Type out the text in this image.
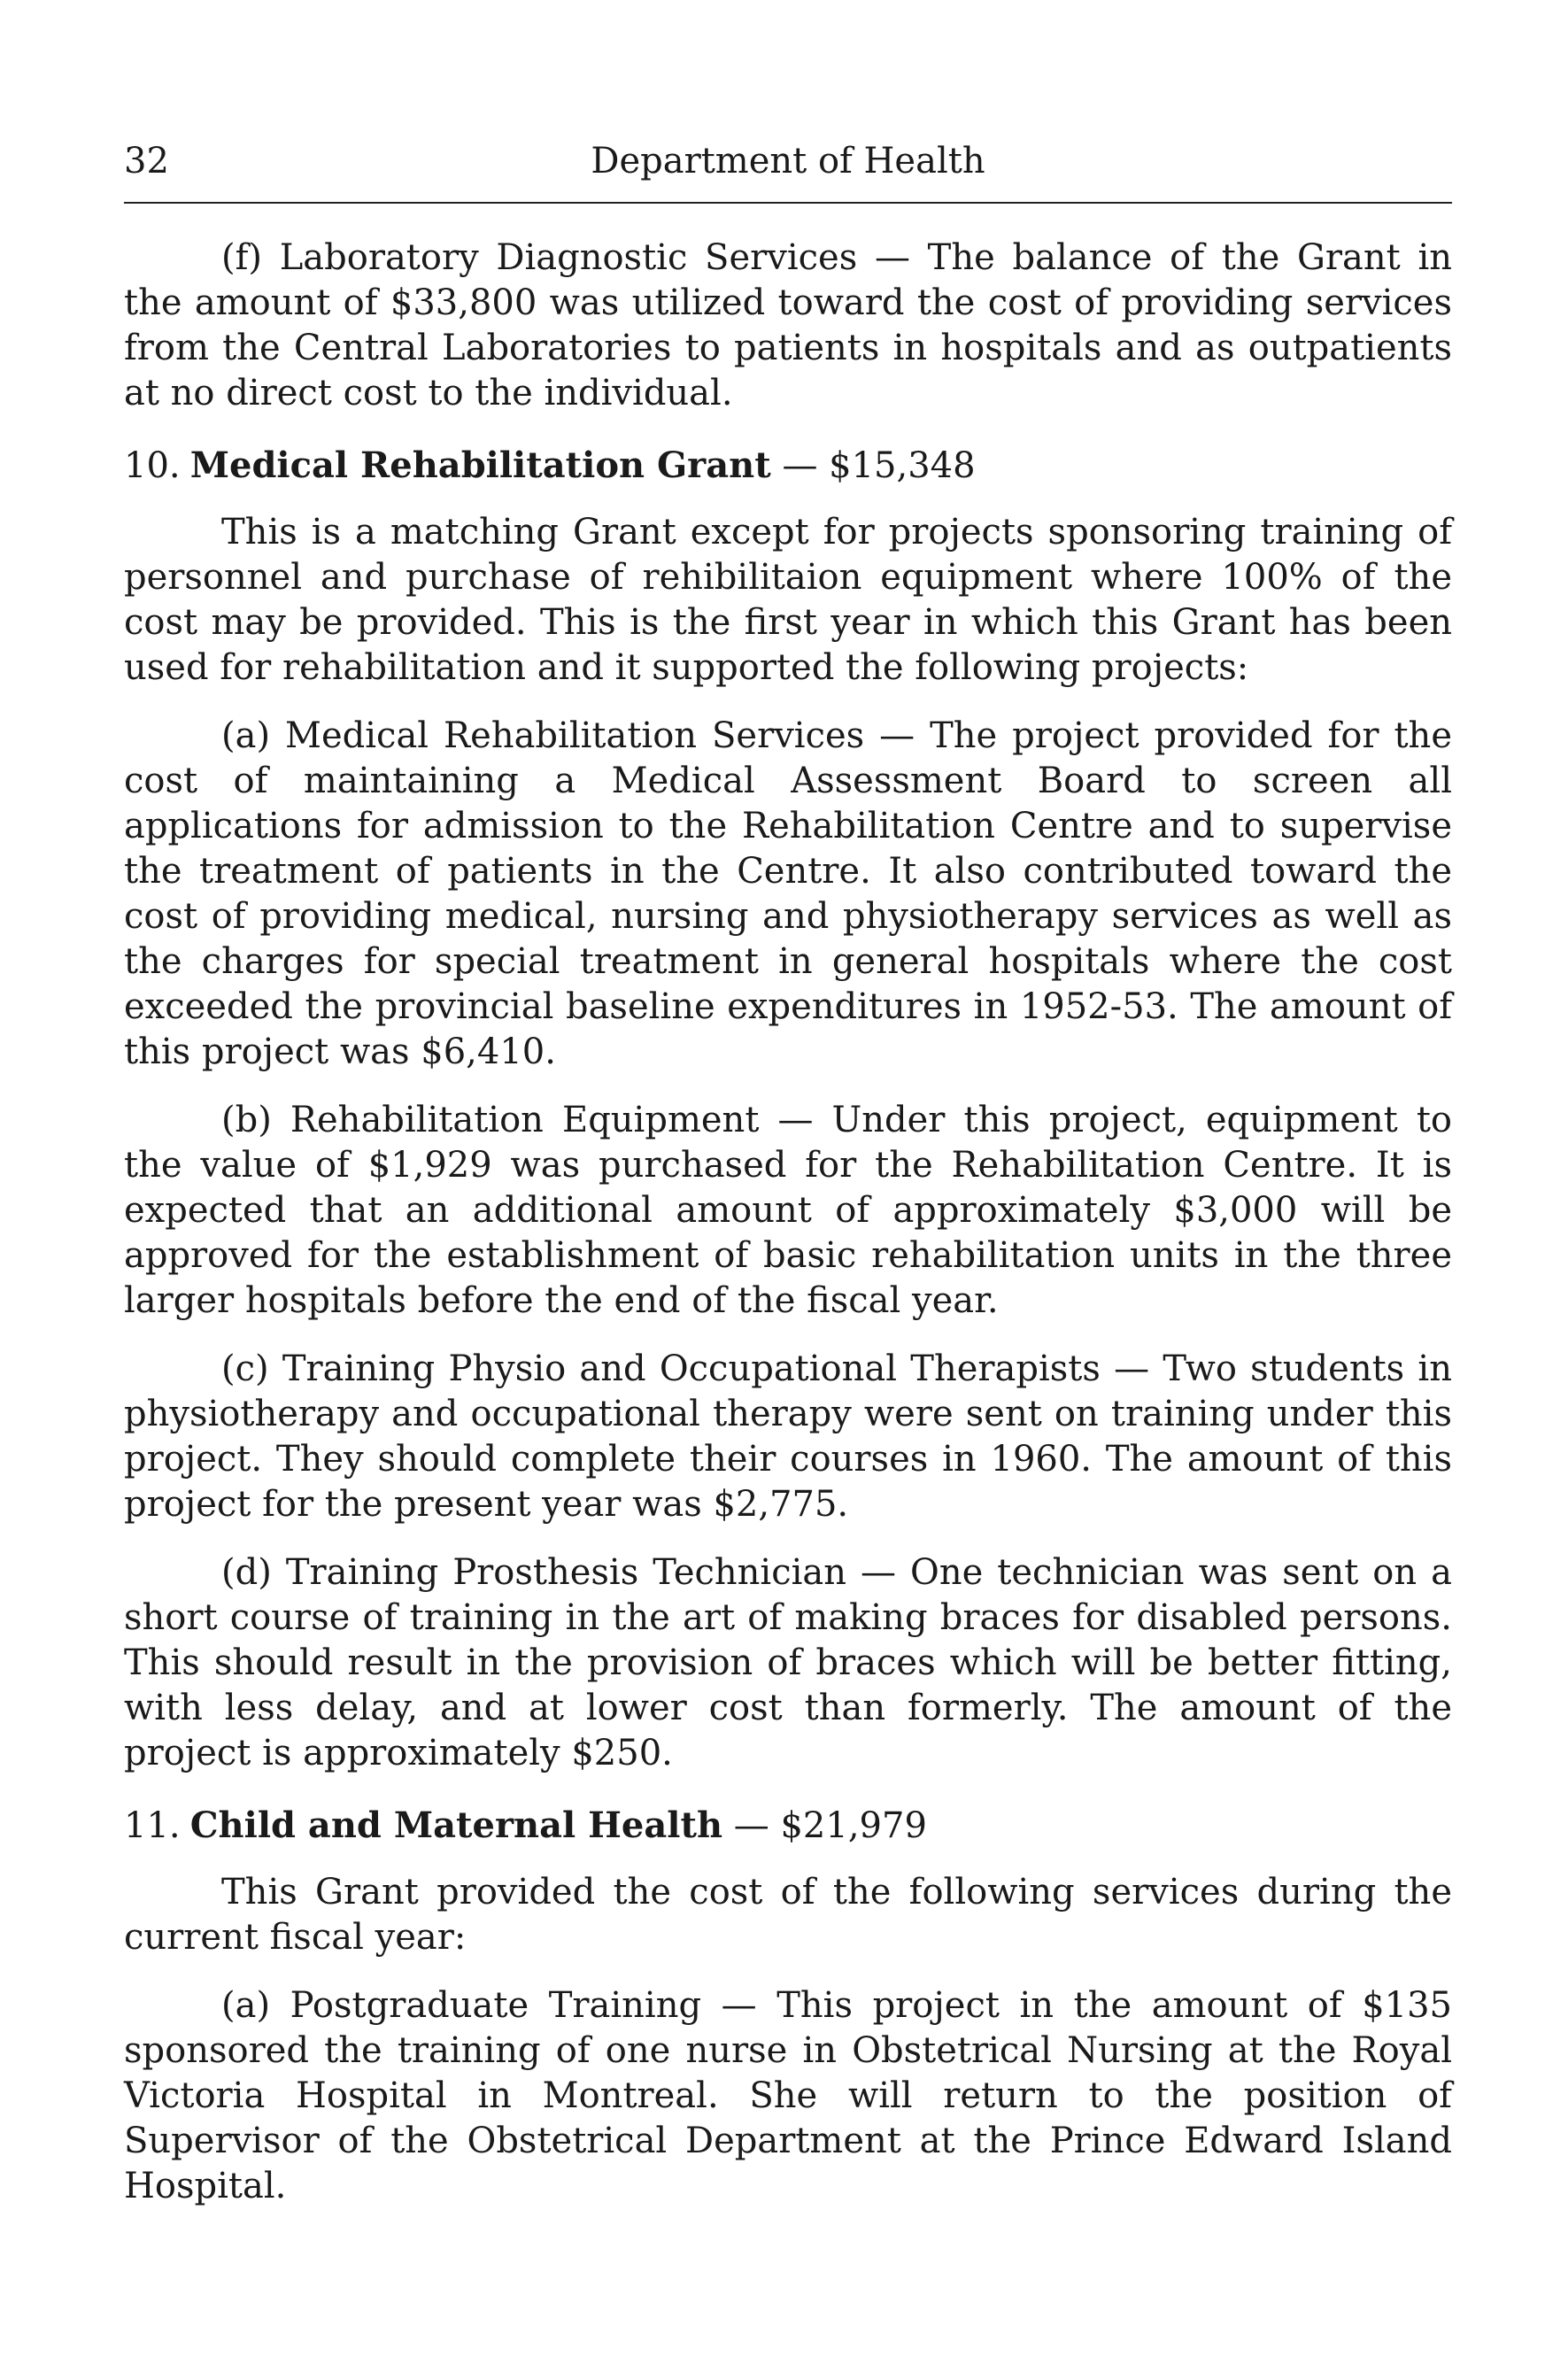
32	Department of Health

(f) Laboratory Diagnostic Services — The balance of the Grant in the amount of $33,800 was utilized toward the cost of providing services from the Central Laboratories to patients in hospitals and as outpatients at no direct cost to the individual.

10. Medical Rehabilitation Grant — $15,348

This is a matching Grant except for projects sponsoring training of personnel and purchase of rehibilitaion equipment where 100% of the cost may be provided. This is the first year in which this Grant has been used for rehabilitation and it supported the following projects:

(a) Medical Rehabilitation Services — The project provided for the cost of maintaining a Medical Assessment Board to screen all applications for admission to the Rehabilitation Centre and to supervise the treatment of patients in the Centre. It also contributed toward the cost of providing medical, nursing and physiotherapy services as well as the charges for special treatment in general hospitals where the cost exceeded the provincial baseline expenditures in 1952-53. The amount of this project was $6,410.

(b) Rehabilitation Equipment — Under this project, equipment to the value of $1,929 was purchased for the Rehabilitation Centre. It is expected that an additional amount of approximately $3,000 will be approved for the establishment of basic rehabilitation units in the three larger hospitals before the end of the fiscal year.

(c) Training Physio and Occupational Therapists — Two students in physiotherapy and occupational therapy were sent on training under this project. They should complete their courses in 1960. The amount of this project for the present year was $2,775.

(d) Training Prosthesis Technician — One technician was sent on a short course of training in the art of making braces for disabled persons. This should result in the provision of braces which will be better fitting, with less delay, and at lower cost than formerly. The amount of the project is approximately $250.

11. Child and Maternal Health — $21,979

This Grant provided the cost of the following services during the current fiscal year:

(a) Postgraduate Training — This project in the amount of $135 sponsored the training of one nurse in Obstetrical Nursing at the Royal Victoria Hospital in Montreal. She will return to the position of Supervisor of the Obstetrical Department at the Prince Edward Island Hospital.
